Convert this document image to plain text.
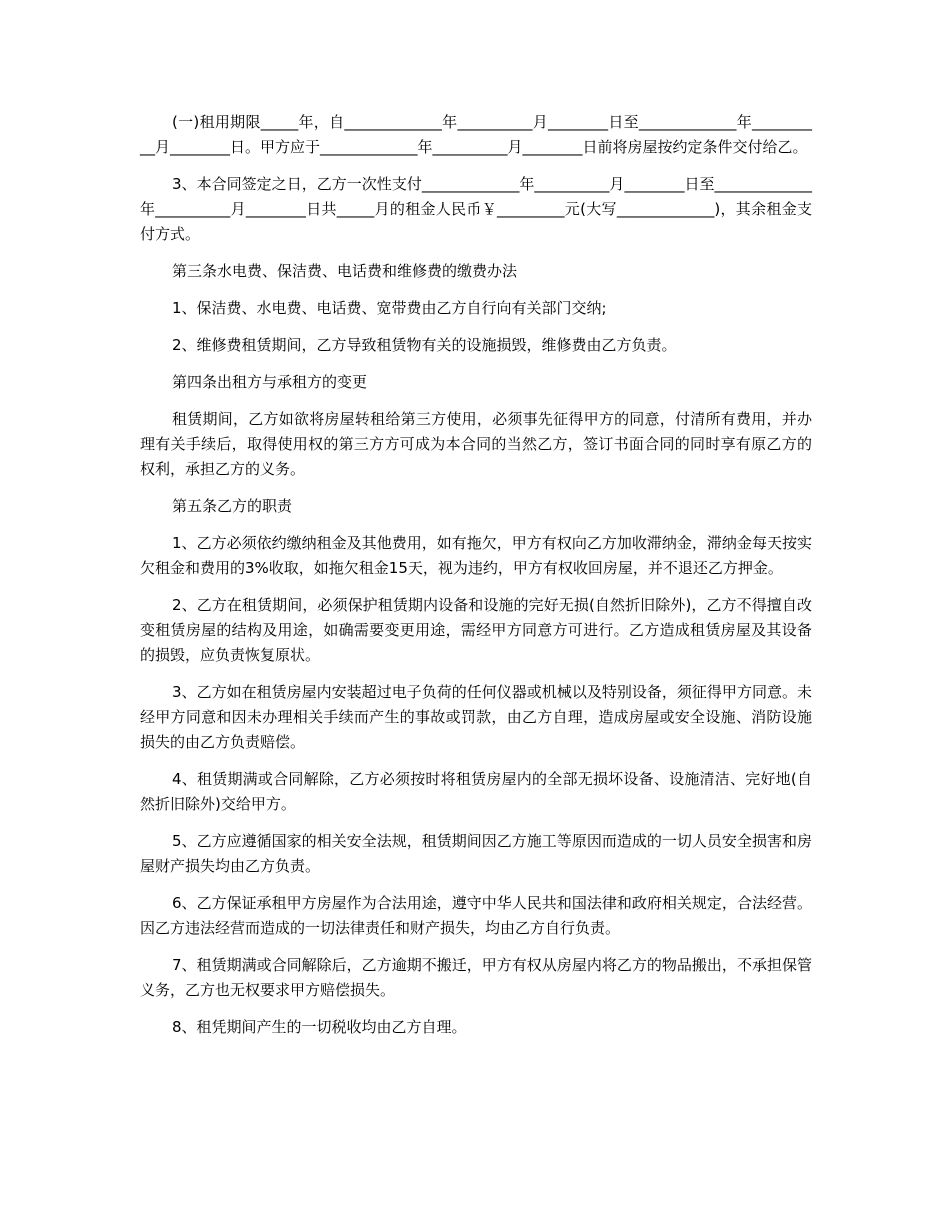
(一)租用期限_____年，自_____________年__________月________日至_____________年__________月________日。甲方应于_____________年__________月________日前将房屋按约定条件交付给乙。

3、本合同签定之日，乙方一次性支付_____________年__________月________日至_____________年__________月________日共_____月的租金人民币￥_________元(大写_____________)，其余租金支付方式。

第三条水电费、保洁费、电话费和维修费的缴费办法

1、保洁费、水电费、电话费、宽带费由乙方自行向有关部门交纳;

2、维修费租赁期间，乙方导致租赁物有关的设施损毁，维修费由乙方负责。

第四条出租方与承租方的变更

租赁期间，乙方如欲将房屋转租给第三方使用，必须事先征得甲方的同意，付清所有费用，并办理有关手续后，取得使用权的第三方方可成为本合同的当然乙方，签订书面合同的同时享有原乙方的权利，承担乙方的义务。

第五条乙方的职责

1、乙方必须依约缴纳租金及其他费用，如有拖欠，甲方有权向乙方加收滞纳金，滞纳金每天按实欠租金和费用的3%收取，如拖欠租金15天，视为违约，甲方有权收回房屋，并不退还乙方押金。

2、乙方在租赁期间，必须保护租赁期内设备和设施的完好无损(自然折旧除外)，乙方不得擅自改变租赁房屋的结构及用途，如确需要变更用途，需经甲方同意方可进行。乙方造成租赁房屋及其设备的损毁，应负责恢复原状。

3、乙方如在租赁房屋内安装超过电子负荷的任何仪器或机械以及特别设备，须征得甲方同意。未经甲方同意和因未办理相关手续而产生的事故或罚款，由乙方自理，造成房屋或安全设施、消防设施损失的由乙方负责赔偿。

4、租赁期满或合同解除，乙方必须按时将租赁房屋内的全部无损坏设备、设施清洁、完好地(自然折旧除外)交给甲方。

5、乙方应遵循国家的相关安全法规，租赁期间因乙方施工等原因而造成的一切人员安全损害和房屋财产损失均由乙方负责。

6、乙方保证承租甲方房屋作为合法用途，遵守中华人民共和国法律和政府相关规定，合法经营。因乙方违法经营而造成的一切法律责任和财产损失，均由乙方自行负责。

7、租赁期满或合同解除后，乙方逾期不搬迁，甲方有权从房屋内将乙方的物品搬出，不承担保管义务，乙方也无权要求甲方赔偿损失。

8、租凭期间产生的一切税收均由乙方自理。
